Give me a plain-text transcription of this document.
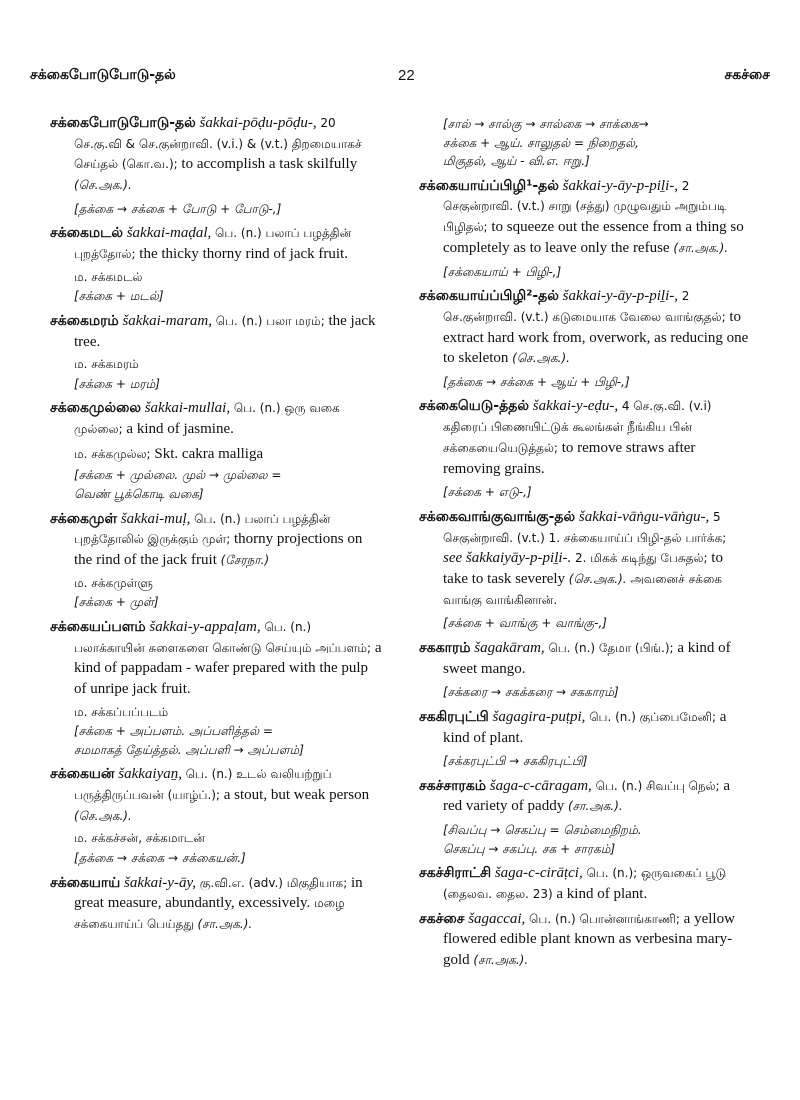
சக்கைபோடுபோடு-தல்	22	சகச்சை
சக்கைபோடுபோடு-தல் šakkai-pōḍu-pōḍu-, 20 செ.கு.வி & செ.குன்றாவி. (v.i.) & (v.t.) திறமையாகச் செய்தல் (கொ.வ.); to accomplish a task skilfully (செ.அக.).
[தக்கை → சக்கை + போடு + போடு-,]
சக்கைமடல் šakkai-maḍal, பெ. (n.) பலாப் பழத்தின் புறத்தோல்; the thicky thorny rind of jack fruit.
ம. சக்கமடல்
[சக்கை + மடல்]
சக்கைமரம் šakkai-maram, பெ. (n.) பலா மரம்; the jack tree.
ம. சக்கமரம்
[சக்கை + மரம்]
சக்கைமுல்லை šakkai-mullai, பெ. (n.) ஒரு வகை முல்லை; a kind of jasmine.
ம. சக்கமுல்ல; Skt. cakra malliga
[சக்கை + முல்லை. முல் → முல்லை =
வெண் பூக்கொடி வகை]
சக்கைமுள் šakkai-muḷ, பெ. (n.) பலாப் பழத்தின் புறத்தோலில் இருக்கும் முள்; thorny projections on the rind of the jack fruit (சேரநா.)
ம. சக்கமுள்ளு
[சக்கை + முள்]
சக்கையப்பளம் šakkai-y-appaḷam, பெ. (n.) பலாக்காயின் சுளைகளை கொண்டு செய்யும் அப்பளம்; a kind of pappadam - wafer prepared with the pulp of unripe jack fruit.
ம. சக்கப்பப்படம்
[சக்கை + அப்பளம். அப்பளித்தல் =
சமமாகத் தேய்த்தல். அப்பளி → அப்பளம்]
சக்கையன் šakkaiyaṉ, பெ. (n.) உடல் வலியற்றுப் பருத்திருப்பவன் (யாழ்ப்.); a stout, but weak person (செ.அக.).
ம. சக்கச்சன், சக்கமாடன்
[தக்கை → சக்கை → சக்கையன்.]
சக்கையாய் šakkai-y-āy, கு.வி.எ. (adv.) மிகுதியாக; in great measure, abundantly, excessively. மழை சக்கையாய்ப் பெய்தது (சா.அக.).
[சால் → சால்கு → சால்கை → சாக்கை→
சக்கை + ஆய். சாலுதல் = நிறைதல்,
மிகுதல், ஆய் - வி.எ. ஈறு.]
சக்கையாய்ப்பிழி¹-தல் šakkai-y-āy-p-piḻi-, 2 செகுன்றாவி. (v.t.) சாறு (சத்து) முழுவதும் அறும்படி பிழிதல்; to squeeze out the essence from a thing so completely as to leave only the refuse (சா.அக.).
[சக்கையாய் + பிழி-,]
சக்கையாய்ப்பிழி²-தல் šakkai-y-āy-p-piḻi-, 2 செ.குன்றாவி. (v.t.) கடுமையாக வேலை வாங்குதல்; to extract hard work from, overwork, as reducing one to skeleton (செ.அக.).
[தக்கை → சக்கை + ஆய் + பிழி-,]
சக்கையெடு-த்தல் šakkai-y-eḍu-, 4 செ.கு.வி. (v.i) கதிரைப் பிணையிட்டுக் கூலங்கள் நீங்கிய பின் சக்கையையெடுத்தல்; to remove straws after removing grains.
[சக்கை + எடு-,]
சக்கைவாங்குவாங்கு-தல் šakkai-vāṅgu-vāṅgu-, 5 செகுன்றாவி. (v.t.) 1. சக்கையாய்ப் பிழி-தல் பார்க்க; see šakkaiyāy-p-piḻi-. 2. மிகக் கடிந்து பேசுதல்; to take to task severely (செ.அக.). அவனைச் சக்கை வாங்கு வாங்கினான்.
[சக்கை + வாங்கு + வாங்கு-,]
சககாரம் šagakāram, பெ. (n.) தேமா (பிங்.); a kind of sweet mango.
[சக்கரை → சகக்கரை → சககாரம்]
சககிரபுட்பி šagagira-puṭpi, பெ. (n.) குப்பைமேனி; a kind of plant.
[சக்கரபுட்பி → சககிரபுட்பி]
சகச்சாரகம் šaga-c-cāragam, பெ. (n.) சிவப்பு நெல்; a red variety of paddy (சா.அக.).
[சிவப்பு → செகப்பு = செம்மைநிறம்.
செகப்பு → சகப்பு. சக + சாரகம்]
சகச்சிராட்சி šaga-c-cirāṭci, பெ. (n.); ஒருவகைப் பூடு (தைலவ. தைல. 23) a kind of plant.
சகச்சை šagaccai, பெ. (n.) பொன்னாங்காணி; a yellow flowered edible plant known as verbesina mary-gold (சா.அக.).
